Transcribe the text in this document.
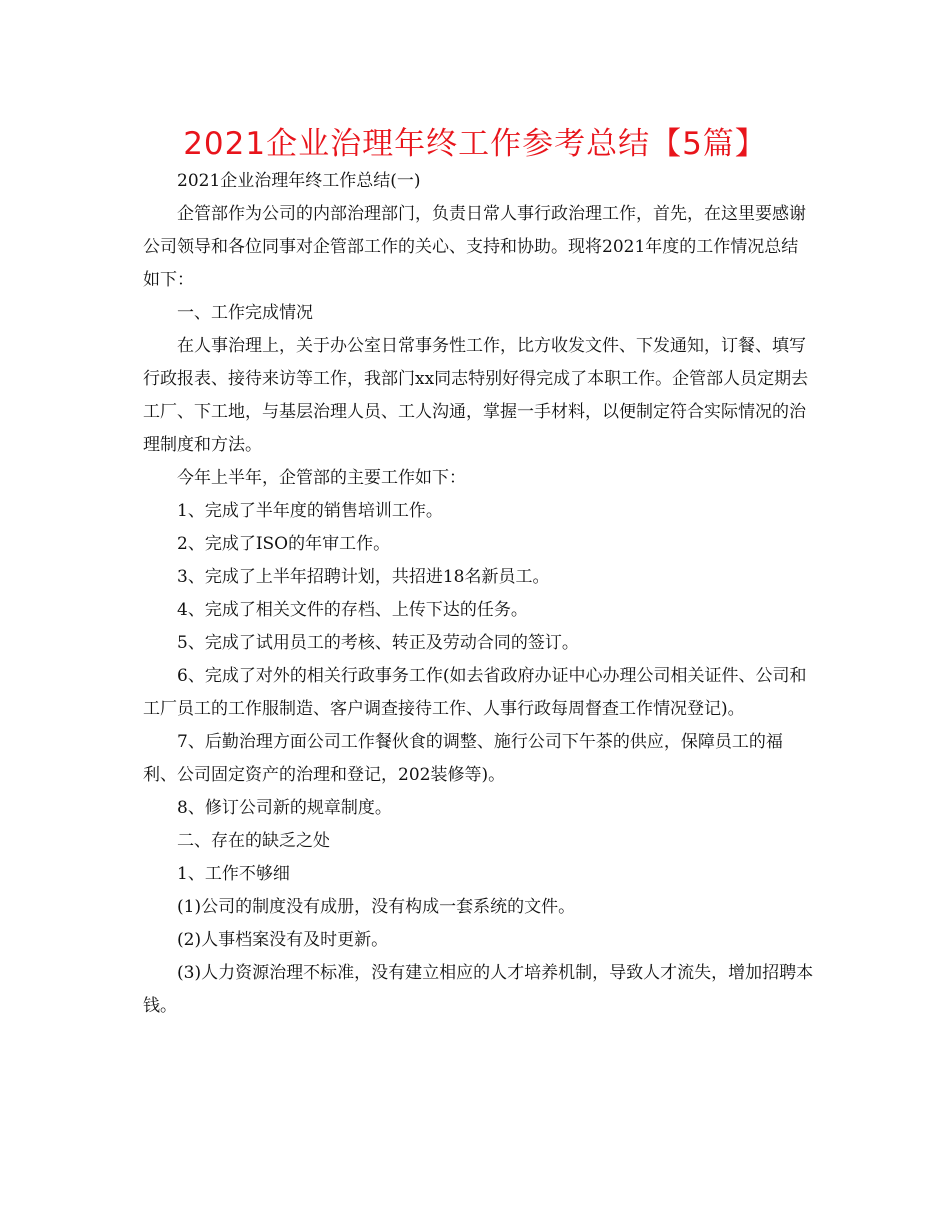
2021企业治理年终工作参考总结【5篇】

2021企业治理年终工作总结(一)

企管部作为公司的内部治理部门，负责日常人事行政治理工作，首先，在这里要感谢公司领导和各位同事对企管部工作的关心、支持和协助。现将2021年度的工作情况总结如下：

一、工作完成情况

在人事治理上，关于办公室日常事务性工作，比方收发文件、下发通知，订餐、填写行政报表、接待来访等工作，我部门xx同志特别好得完成了本职工作。企管部人员定期去工厂、下工地，与基层治理人员、工人沟通，掌握一手材料，以便制定符合实际情况的治理制度和方法。

今年上半年，企管部的主要工作如下：

1、完成了半年度的销售培训工作。

2、完成了ISO的年审工作。

3、完成了上半年招聘计划，共招进18名新员工。

4、完成了相关文件的存档、上传下达的任务。

5、完成了试用员工的考核、转正及劳动合同的签订。

6、完成了对外的相关行政事务工作(如去省政府办证中心办理公司相关证件、公司和工厂员工的工作服制造、客户调查接待工作、人事行政每周督查工作情况登记)。

7、后勤治理方面公司工作餐伙食的调整、施行公司下午茶的供应，保障员工的福利、公司固定资产的治理和登记，202装修等)。

8、修订公司新的规章制度。

二、存在的缺乏之处

1、工作不够细

(1)公司的制度没有成册，没有构成一套系统的文件。

(2)人事档案没有及时更新。

(3)人力资源治理不标准，没有建立相应的人才培养机制，导致人才流失，增加招聘本钱。
